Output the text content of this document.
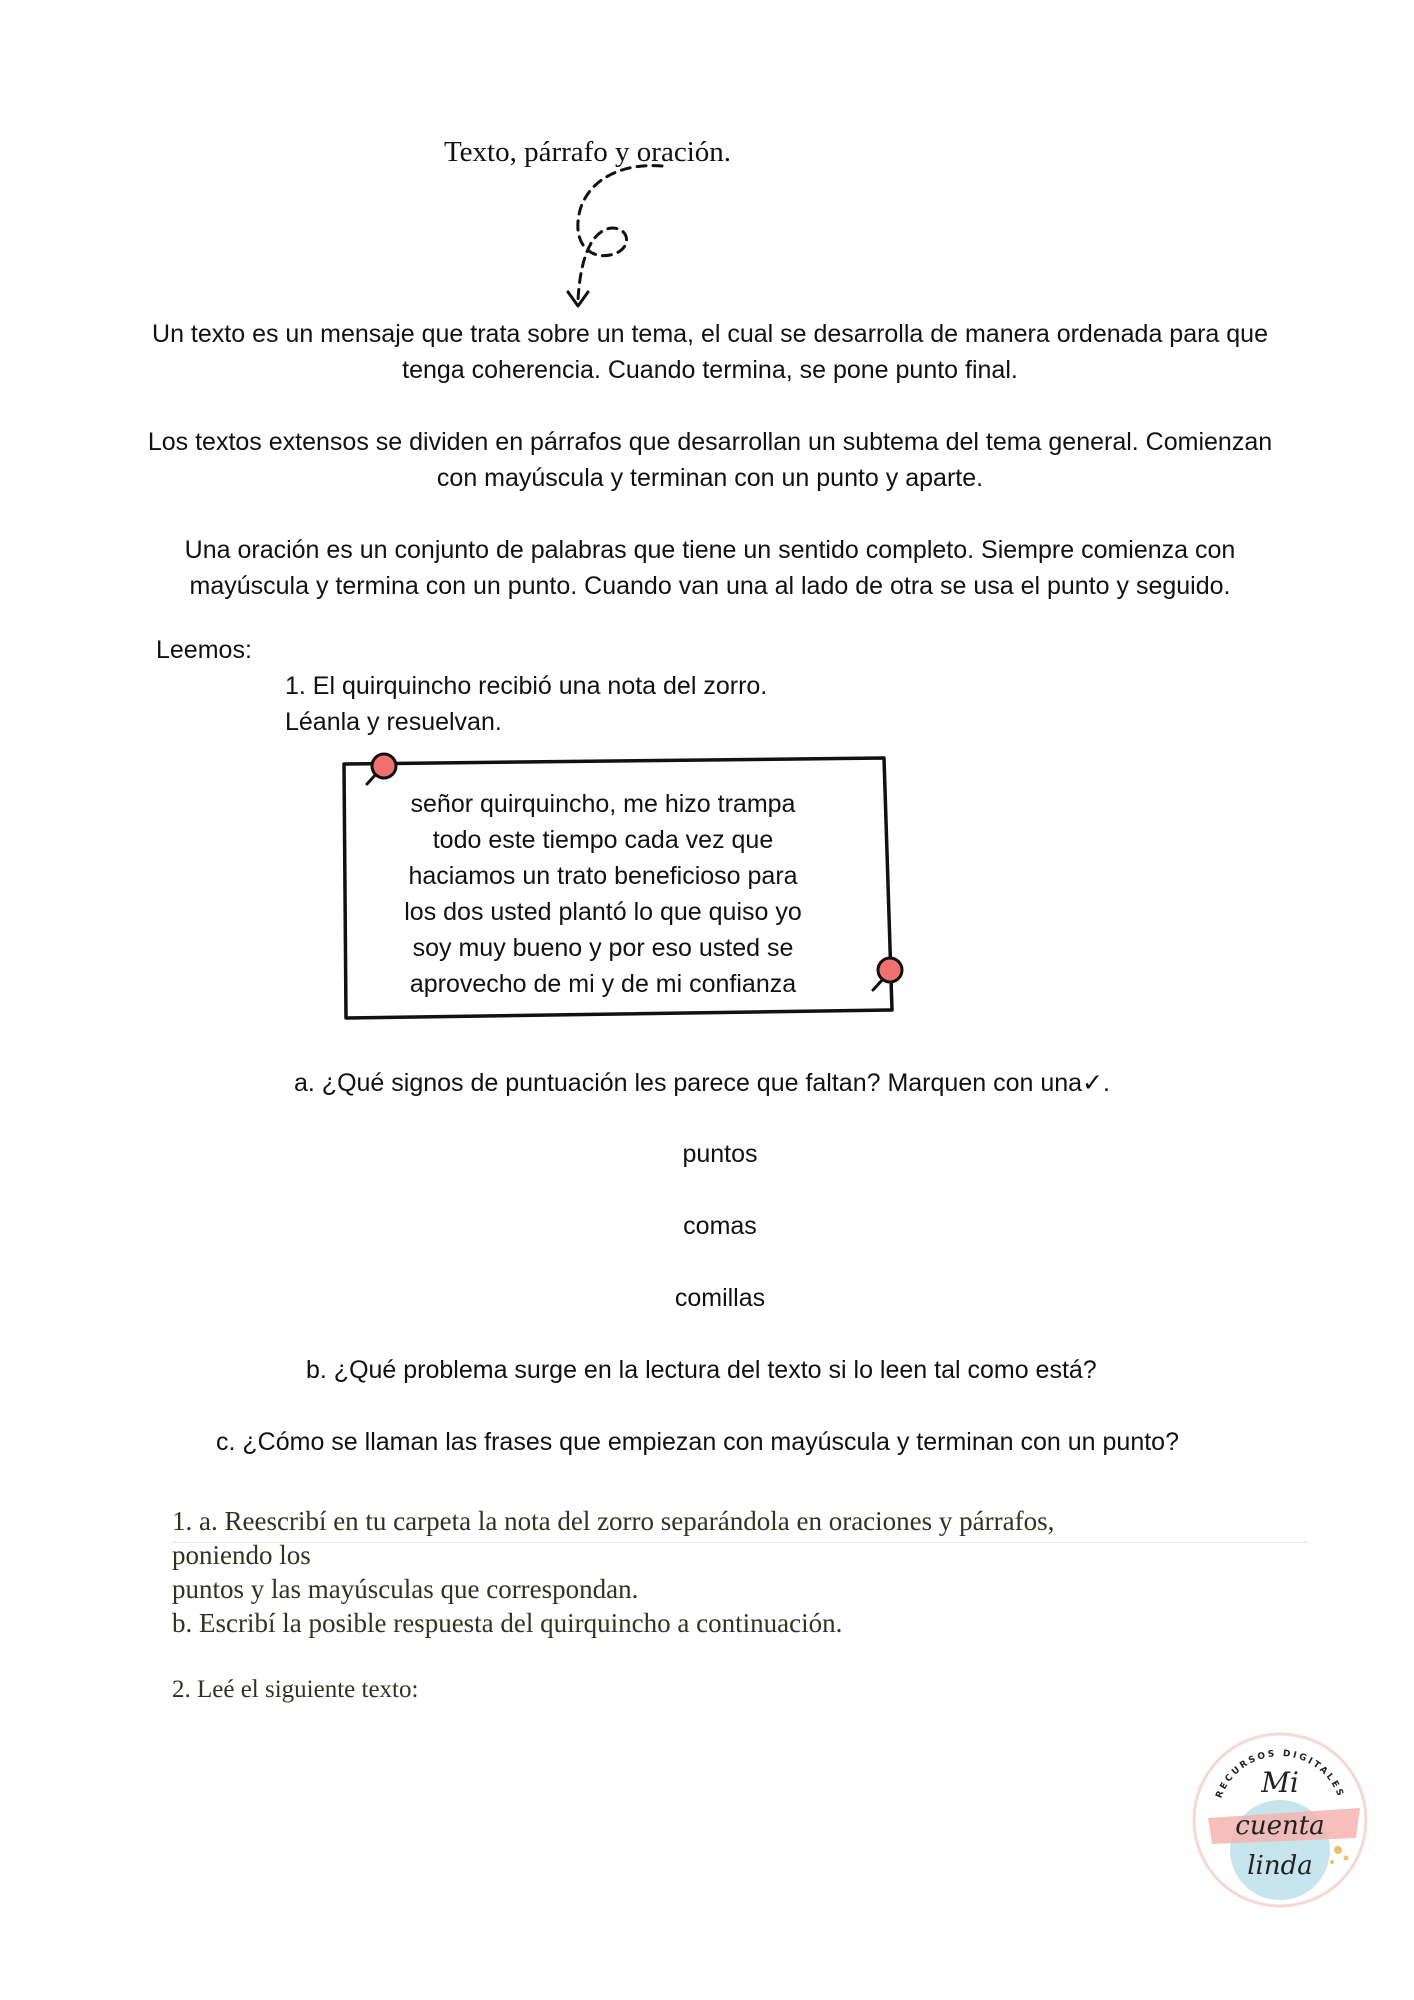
Texto, párrafo y oración.
Un texto es un mensaje que trata sobre un tema, el cual se desarrolla de manera ordenada para que
tenga coherencia. Cuando termina, se pone punto final.
Los textos extensos se dividen en párrafos que desarrollan un subtema del tema general. Comienzan
con mayúscula y terminan con un punto y aparte.
Una oración es un conjunto de palabras que tiene un sentido completo. Siempre comienza con
mayúscula y termina con un punto. Cuando van una al lado de otra se usa el punto y seguido.
Leemos:
1. El quirquincho recibió una nota del zorro.
Léanla y resuelvan.
señor quirquincho, me hizo trampa
todo este tiempo cada vez que
haciamos un trato beneficioso para
los dos usted plantó lo que quiso yo
soy muy bueno y por eso usted se
aprovecho de mi y de mi confianza
a. ¿Qué signos de puntuación les parece que faltan? Marquen con una✓.
puntos
comas
comillas
b. ¿Qué problema surge en la lectura del texto si lo leen tal como está?
c. ¿Cómo se llaman las frases que empiezan con mayúscula y terminan con un punto?
1. a. Reescribí en tu carpeta la nota del zorro separándola en oraciones y párrafos,
poniendo los
puntos y las mayúsculas que correspondan.
b. Escribí la posible respuesta del quirquincho a continuación.
2. Leé el siguiente texto:
RECURSOS DIGITALES
Mi
cuenta
linda
